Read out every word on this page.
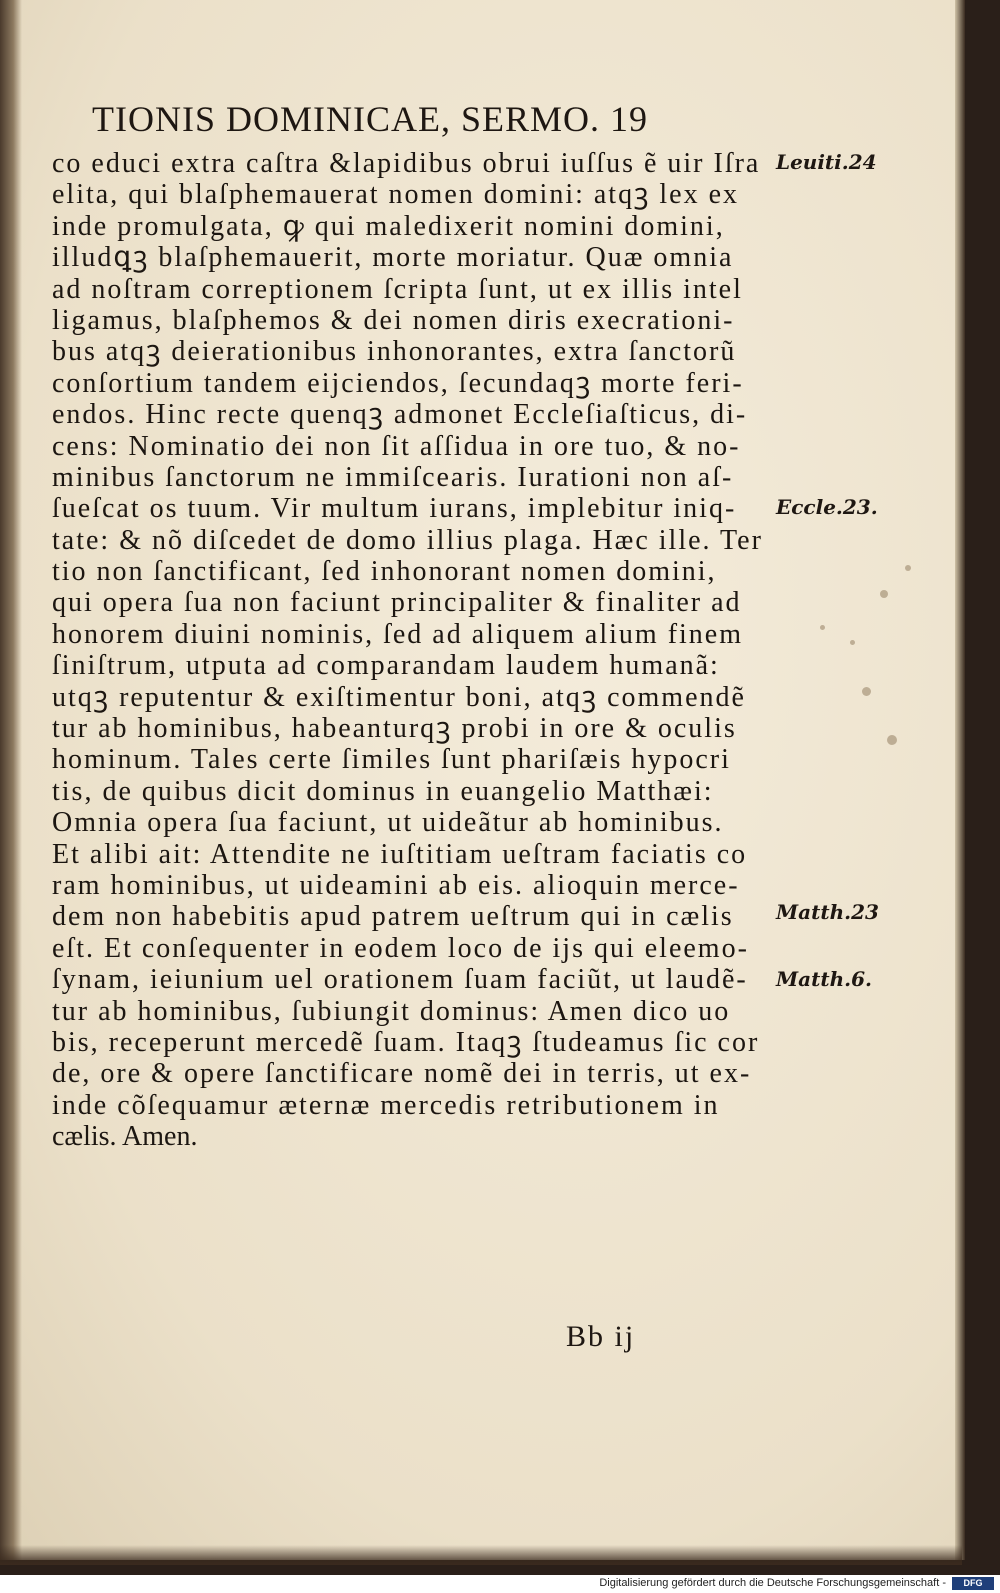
TIONIS DOMINICAE, SERMO. 19
co educi extra caſtra &lapidibus obrui iuſſus ẽ uir Iſra
elita, qui blaſphemauerat nomen domini: atqꝫ lex ex
inde promulgata, ꝙ qui maledixerit nomini domini,
illudꝗꝫ blaſphemauerit, morte moriatur. Quæ omnia
ad noſtram correptionem ſcripta ſunt, ut ex illis intel
ligamus, blaſphemos & dei nomen diris execrationi-
bus atqꝫ deierationibus inhonorantes, extra ſanctorũ
conſortium tandem eijciendos, ſecundaqꝫ morte feri-
endos. Hinc recte quenqꝫ admonet Eccleſiaſticus, di-
cens: Nominatio dei non ſit aſſidua in ore tuo, & no-
minibus ſanctorum ne immiſcearis. Iurationi non aſ-
ſueſcat os tuum. Vir multum iurans, implebitur iniq-
tate: & nõ diſcedet de domo illius plaga. Hæc ille. Ter
tio non ſanctificant, ſed inhonorant nomen domini,
qui opera ſua non faciunt principaliter & finaliter ad
honorem diuini nominis, ſed ad aliquem alium finem
ſiniſtrum, utputa ad comparandam laudem humanã:
utqꝫ reputentur & exiſtimentur boni, atqꝫ commendẽ
tur ab hominibus, habeanturqꝫ probi in ore & oculis
hominum. Tales certe ſimiles ſunt phariſæis hypocri
tis, de quibus dicit dominus in euangelio Matthæi:
Omnia opera ſua faciunt, ut uideãtur ab hominibus.
Et alibi ait: Attendite ne iuſtitiam ueſtram faciatis co
ram hominibus, ut uideamini ab eis. alioquin merce-
dem non habebitis apud patrem ueſtrum qui in cælis
eſt. Et conſequenter in eodem loco de ijs qui eleemo-
ſynam, ieiunium uel orationem ſuam faciũt, ut laudẽ-
tur ab hominibus, ſubiungit dominus: Amen dico uo
bis, receperunt mercedẽ ſuam. Itaqꝫ ſtudeamus ſic cor
de, ore & opere ſanctificare nomẽ dei in terris, ut ex-
inde cõſequamur æternæ mercedis retributionem in
cælis. Amen.
Leuiti.24
Eccle.23.
Matth.23
Matth.6.
Bb ij
Digitalisierung gefördert durch die Deutsche Forschungsgemeinschaft -	DFG
